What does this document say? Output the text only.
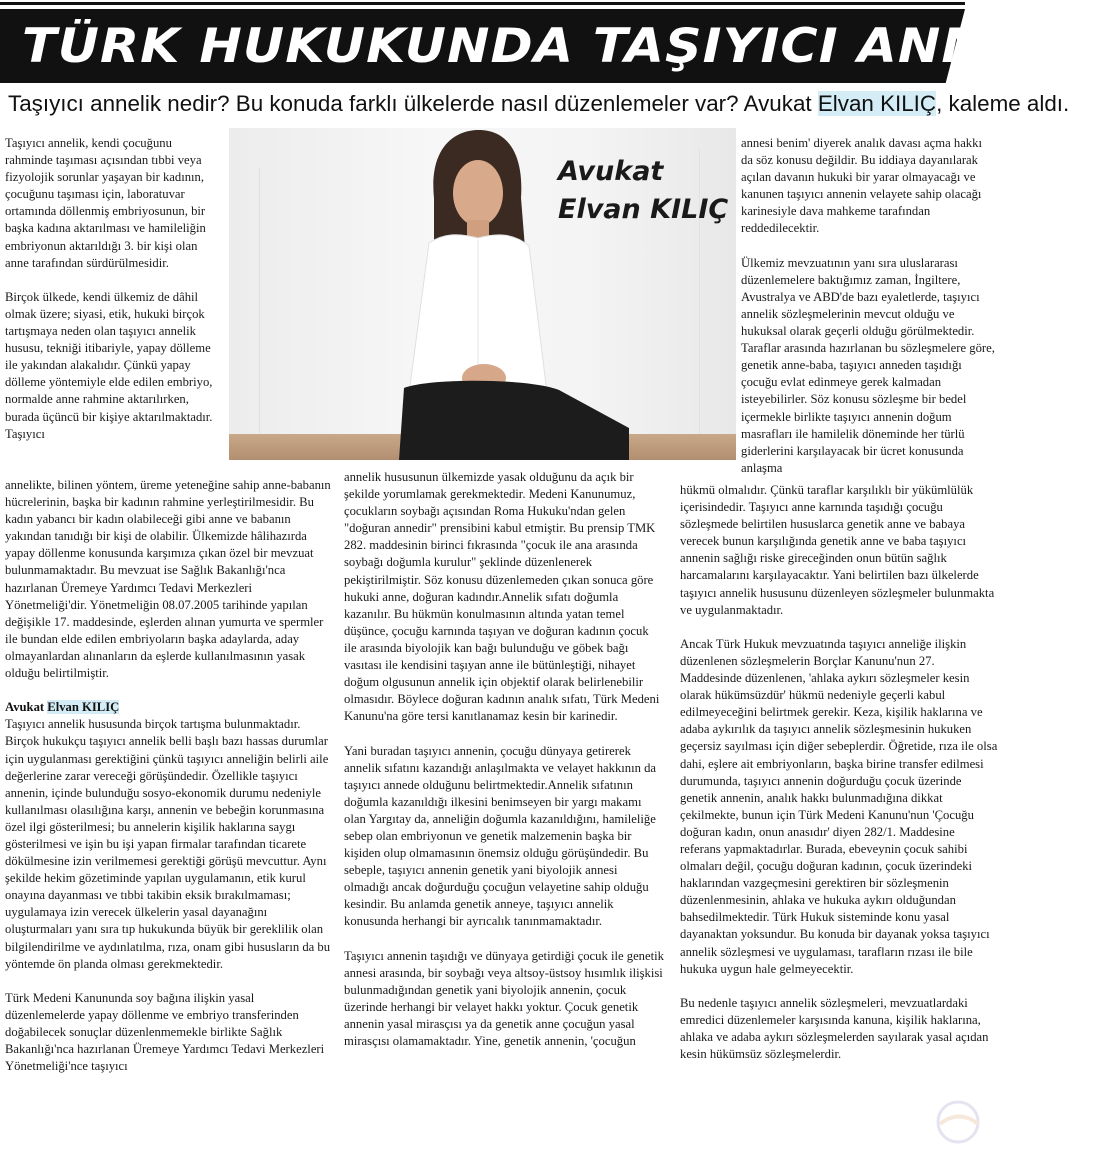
TÜRK HUKUKUNDA TAŞIYICI ANNELİK
Taşıyıcı annelik nedir? Bu konuda farklı ülkelerde nasıl düzenlemeler var? Avukat Elvan KILIÇ, kaleme aldı.
Avukat
Elvan KILIÇ

Taşıyıcı annelik, kendi çocuğunu rahminde taşıması açısından tıbbi veya fizyolojik sorunlar yaşayan bir kadının, çocuğunu taşıması için, laboratuvar ortamında döllenmiş embriyosunun, bir başka kadına aktarılması ve hamileliğin embriyonun aktarıldığı 3. bir kişi olan anne tarafından sürdürülmesidir.

Birçok ülkede, kendi ülkemiz de dâhil olmak üzere; siyasi, etik, hukuki birçok tartışmaya neden olan taşıyıcı annelik hususu, tekniği itibariyle, yapay dölleme ile yakından alakalıdır. Çünkü yapay dölleme yöntemiyle elde edilen embriyo, normalde anne rahmine aktarılırken, burada üçüncü bir kişiye aktarılmaktadır. Taşıyıcı

annelikte, bilinen yöntem, üreme yeteneğine sahip anne-babanın hücrelerinin, başka bir kadının rahmine yerleştirilmesidir. Bu kadın yabancı bir kadın olabileceği gibi anne ve babanın yakından tanıdığı bir kişi de olabilir. Ülkemizde hâlihazırda yapay döllenme konusunda karşımıza çıkan özel bir mevzuat bulunmamaktadır. Bu mevzuat ise Sağlık Bakanlığı'nca hazırlanan Üremeye Yardımcı Tedavi Merkezleri Yönetmeliği'dir. Yönetmeliğin 08.07.2005 tarihinde yapılan değişikle 17. maddesinde, eşlerden alınan yumurta ve spermler ile bundan elde edilen embriyoların başka adaylarda, aday olmayanlardan alınanların da eşlerde kullanılmasının yasak olduğu belirtilmiştir.

Avukat Elvan KILIÇ

Taşıyıcı annelik hususunda birçok tartışma bulunmaktadır. Birçok hukukçu taşıyıcı annelik belli başlı bazı hassas durumlar için uygulanması gerektiğini çünkü taşıyıcı anneliğin belirli aile değerlerine zarar vereceği görüşündedir. Özellikle taşıyıcı annenin, içinde bulunduğu sosyo-ekonomik durumu nedeniyle kullanılması olasılığına karşı, annenin ve bebeğin korunmasına özel ilgi gösterilmesi; bu annelerin kişilik haklarına saygı gösterilmesi ve işin bu işi yapan firmalar tarafından ticarete dökülmesine izin verilmemesi gerektiği görüşü mevcuttur. Aynı şekilde hekim gözetiminde yapılan uygulamanın, etik kurul onayına dayanması ve tıbbi takibin eksik bırakılmaması; uygulamaya izin verecek ülkelerin yasal dayanağını oluşturmaları yanı sıra tıp hukukunda büyük bir gereklilik olan bilgilendirilme ve aydınlatılma, rıza, onam gibi hususların da bu yöntemde ön planda olması gerekmektedir.

Türk Medeni Kanununda soy bağına ilişkin yasal düzenlemelerde yapay döllenme ve embriyo transferinden doğabilecek sonuçlar düzenlenmemekle birlikte Sağlık Bakanlığı'nca hazırlanan Üremeye Yardımcı Tedavi Merkezleri Yönetmeliği'nce taşıyıcı

annelik hususunun ülkemizde yasak olduğunu da açık bir şekilde yorumlamak gerekmektedir. Medeni Kanunumuz, çocukların soybağı açısından Roma Hukuku'ndan gelen "doğuran annedir" prensibini kabul etmiştir. Bu prensip TMK 282. maddesinin birinci fıkrasında "çocuk ile ana arasında soybağı doğumla kurulur" şeklinde düzenlenerek pekiştirilmiştir. Söz konusu düzenlemeden çıkan sonuca göre hukuki anne, doğuran kadındır.Annelik sıfatı doğumla kazanılır. Bu hükmün konulmasının altında yatan temel düşünce, çocuğu karnında taşıyan ve doğuran kadının çocuk ile arasında biyolojik kan bağı bulunduğu ve göbek bağı vasıtası ile kendisini taşıyan anne ile bütünleştiği, nihayet doğum olgusunun annelik için objektif olarak belirlenebilir olmasıdır. Böylece doğuran kadının analık sıfatı, Türk Medeni Kanunu'na göre tersi kanıtlanamaz kesin bir karinedir.

Yani buradan taşıyıcı annenin, çocuğu dünyaya getirerek annelik sıfatını kazandığı anlaşılmakta ve velayet hakkının da taşıyıcı annede olduğunu belirtmektedir.Annelik sıfatının doğumla kazanıldığı ilkesini benimseyen bir yargı makamı olan Yargıtay da, anneliğin doğumla kazanıldığını, hamileliğe sebep olan embriyonun ve genetik malzemenin başka bir kişiden olup olmamasının önemsiz olduğu görüşündedir. Bu sebeple, taşıyıcı annenin genetik yani biyolojik annesi olmadığı ancak doğurduğu çocuğun velayetine sahip olduğu kesindir. Bu anlamda genetik anneye, taşıyıcı annelik konusunda herhangi bir ayrıcalık tanınmamaktadır.

Taşıyıcı annenin taşıdığı ve dünyaya getirdiği çocuk ile genetik annesi arasında, bir soybağı veya altsoy-üstsoy hısımlık ilişkisi bulunmadığından genetik yani biyolojik annenin, çocuk üzerinde herhangi bir velayet hakkı yoktur. Çocuk genetik annenin yasal mirasçısı ya da genetik anne çocuğun yasal mirasçısı olamamaktadır. Yine, genetik annenin, 'çocuğun

annesi benim' diyerek analık davası açma hakkı da söz konusu değildir. Bu iddiaya dayanılarak açılan davanın hukuki bir yarar olmayacağı ve kanunen taşıyıcı annenin velayete sahip olacağı karinesiyle dava mahkeme tarafından reddedilecektir.

Ülkemiz mevzuatının yanı sıra uluslararası düzenlemelere baktığımız zaman, İngiltere, Avustralya ve ABD'de bazı eyaletlerde, taşıyıcı annelik sözleşmelerinin mevcut olduğu ve hukuksal olarak geçerli olduğu görülmektedir. Taraflar arasında hazırlanan bu sözleşmelere göre, genetik anne-baba, taşıyıcı anneden taşıdığı çocuğu evlat edinmeye gerek kalmadan isteyebilirler. Söz konusu sözleşme bir bedel içermekle birlikte taşıyıcı annenin doğum masrafları ile hamilelik döneminde her türlü giderlerini karşılayacak bir ücret konusunda anlaşma

hükmü olmalıdır. Çünkü taraflar karşılıklı bir yükümlülük içerisindedir. Taşıyıcı anne karnında taşıdığı çocuğu sözleşmede belirtilen hususlarca genetik anne ve babaya verecek bunun karşılığında genetik anne ve baba taşıyıcı annenin sağlığı riske gireceğinden onun bütün sağlık harcamalarını karşılayacaktır. Yani belirtilen bazı ülkelerde taşıyıcı annelik hususunu düzenleyen sözleşmeler bulunmakta ve uygulanmaktadır.

Ancak Türk Hukuk mevzuatında taşıyıcı anneliğe ilişkin düzenlenen sözleşmelerin Borçlar Kanunu'nun 27. Maddesinde düzenlenen, 'ahlaka aykırı sözleşmeler kesin olarak hükümsüzdür' hükmü nedeniyle geçerli kabul edilmeyeceğini belirtmek gerekir. Keza, kişilik haklarına ve adaba aykırılık da taşıyıcı annelik sözleşmesinin hukuken geçersiz sayılması için diğer sebeplerdir. Öğretide, rıza ile olsa dahi, eşlere ait embriyonların, başka birine transfer edilmesi durumunda, taşıyıcı annenin doğurduğu çocuk üzerinde genetik annenin, analık hakkı bulunmadığına dikkat çekilmekte, bunun için Türk Medeni Kanunu'nun 'Çocuğu doğuran kadın, onun anasıdır' diyen 282/1. Maddesine referans yapmaktadırlar. Burada, ebeveynin çocuk sahibi olmaları değil, çocuğu doğuran kadının, çocuk üzerindeki haklarından vazgeçmesini gerektiren bir sözleşmenin düzenlenmesinin, ahlaka ve hukuka aykırı olduğundan bahsedilmektedir. Türk Hukuk sisteminde konu yasal dayanaktan yoksundur. Bu konuda bir dayanak yoksa taşıyıcı annelik sözleşmesi ve uygulaması, tarafların rızası ile bile hukuka uygun hale gelmeyecektir.

Bu nedenle taşıyıcı annelik sözleşmeleri, mevzuatlardaki emredici düzenlemeler karşısında kanuna, kişilik haklarına, ahlaka ve adaba aykırı sözleşmelerden sayılarak yasal açıdan kesin hükümsüz sözleşmelerdir.
